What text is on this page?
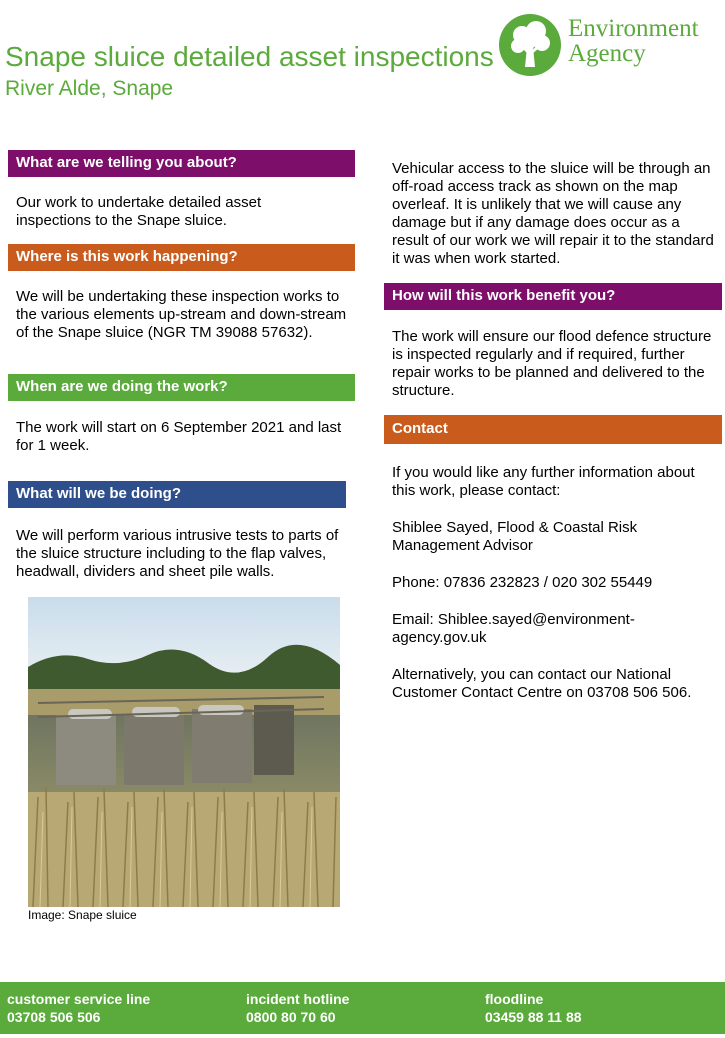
Snape sluice detailed asset inspections
River Alde, Snape
Environment
Agency
What are we telling you about?
Our work to undertake detailed asset inspections to the Snape sluice.
Where is this work happening?
We will be undertaking these inspection works to the various elements up-stream and down-stream of the Snape sluice (NGR TM 39088 57632).
When are we doing the work?
The work will start on 6 September 2021 and last for 1 week.
What will we be doing?
We will perform various intrusive tests to parts of the sluice structure including to the flap valves, headwall, dividers and sheet pile walls.
Image: Snape sluice
Vehicular access to the sluice will be through an off-road access track as shown on the map overleaf. It is unlikely that we will cause any damage but if any damage does occur as a result of our work we will repair it to the standard it was when work started.
How will this work benefit you?
The work will ensure our flood defence structure is inspected regularly and if required, further repair works to be planned and delivered to the structure.
Contact
If you would like any further information about this work, please contact:
Shiblee Sayed, Flood & Coastal Risk Management Advisor
Phone: 07836 232823 / 020 302 55449
Email: Shiblee.sayed@environment-agency.gov.uk
Alternatively, you can contact our National Customer Contact Centre on 03708 506 506.
customer service line
03708 506 506
incident hotline
0800 80 70 60
floodline
03459 88 11 88
